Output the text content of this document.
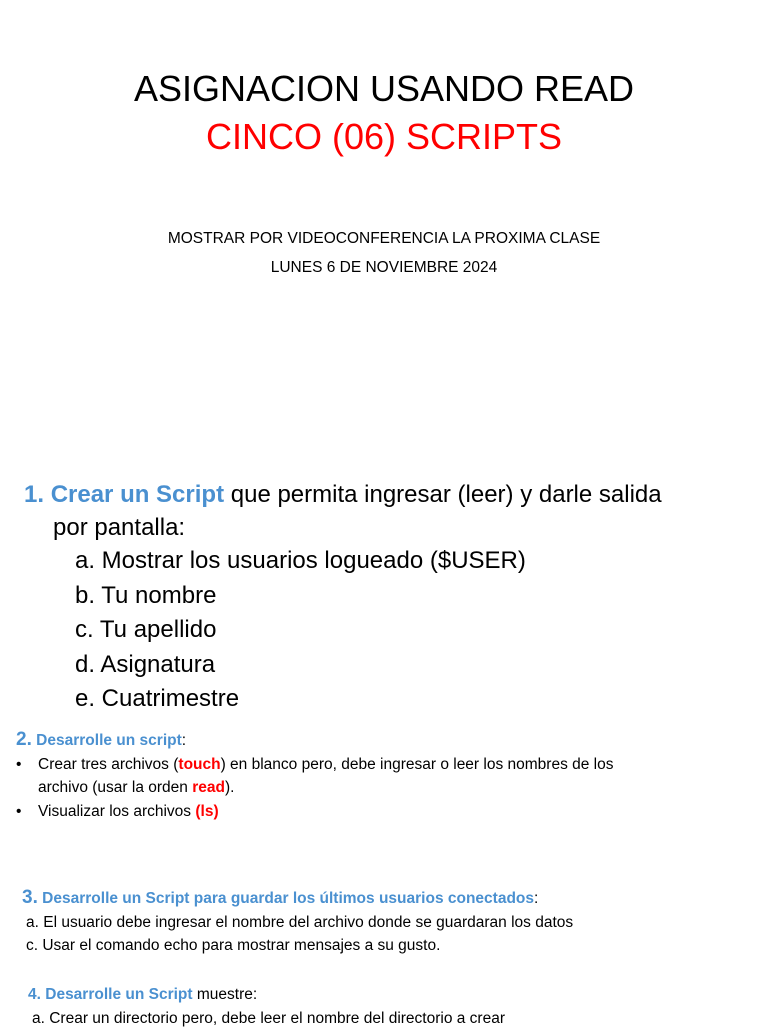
ASIGNACION USANDO READ
CINCO (06) SCRIPTS
MOSTRAR POR VIDEOCONFERENCIA LA PROXIMA CLASE
LUNES 6 DE NOVIEMBRE 2024
1. Crear un Script que permita ingresar (leer) y darle salida
por pantalla:
a. Mostrar los usuarios logueado ($USER)
b. Tu nombre
c. Tu apellido
d. Asignatura
e. Cuatrimestre
2. Desarrolle un script:
• Crear tres archivos (touch) en blanco pero, debe ingresar o leer los nombres de los
archivo (usar la orden read).
• Visualizar los archivos (ls)
3. Desarrolle un Script para guardar los últimos usuarios conectados:
a. El usuario debe ingresar el nombre del archivo donde se guardaran los datos
c. Usar el comando echo para mostrar mensajes a su gusto.
4. Desarrolle un Script muestre:
a. Crear un directorio pero, debe leer el nombre del directorio a crear
